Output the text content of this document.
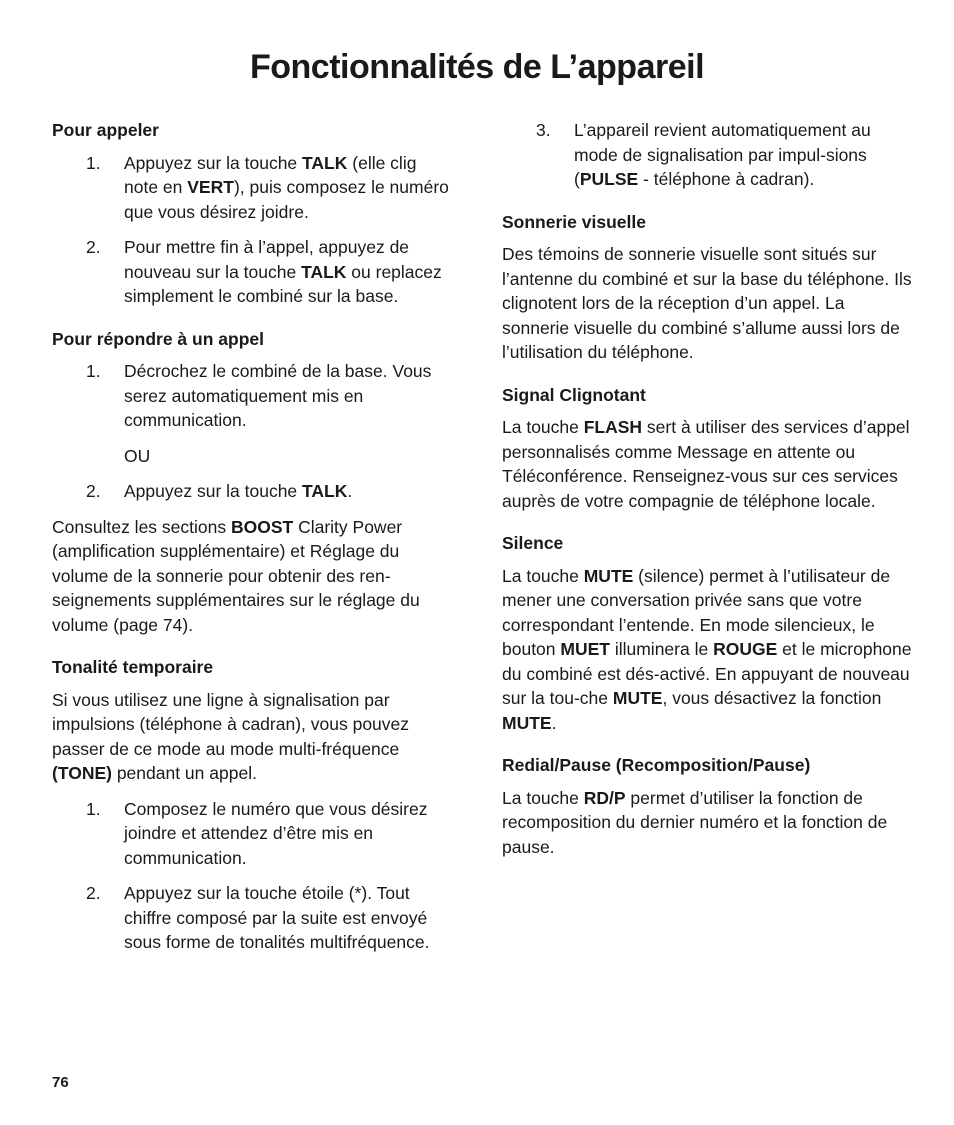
Fonctionnalités de L’appareil
Pour appeler
1.	Appuyez sur la touche TALK (elle clig note en VERT), puis composez le numéro que vous désirez joidre.
2.	Pour mettre fin à l’appel, appuyez de nouveau sur la touche TALK ou replacez simplement le combiné sur la base.
Pour répondre à un appel
1.	Décrochez le combiné de la base. Vous serez automatiquement mis en communication.
OU
2.	Appuyez sur la touche TALK.

Consultez les sections BOOST Clarity Power (amplification supplémentaire) et Réglage du volume de la sonnerie pour obtenir des ren-seignements supplémentaires sur le réglage du volume (page 74).

Tonalité temporaire

Si vous utilisez une ligne à signalisation par impulsions (téléphone à cadran), vous pouvez passer de ce mode au mode multi-fréquence (TONE) pendant un appel.

1.	Composez le numéro que vous désirez joindre et attendez d’être mis en communication.
2.	Appuyez sur la touche étoile (*). Tout chiffre composé par la suite est envoyé sous forme de tonalités multifréquence.
3.	L’appareil revient automatiquement au mode de signalisation par impul-sions (PULSE - téléphone à cadran).
Sonnerie visuelle

Des témoins de sonnerie visuelle sont situés sur l’antenne du combiné et sur la base du téléphone. Ils clignotent lors de la réception d’un appel. La sonnerie visuelle du combiné s’allume aussi lors de l’utilisation du téléphone.

Signal Clignotant

La touche FLASH sert à utiliser des services d’appel personnalisés comme Message en attente ou Téléconférence. Renseignez-vous sur ces services auprès de votre compagnie de téléphone locale.

Silence

La touche MUTE (silence) permet à l’utilisateur de mener une conversation privée sans que votre correspondant l’entende. En mode silencieux, le bouton MUET illuminera le ROUGE et le microphone du combiné est dés-activé. En appuyant de nouveau sur la tou-che MUTE, vous désactivez la fonction MUTE.

Redial/Pause (Recomposition/Pause)

La touche RD/P permet d’utiliser la fonction de recomposition du dernier numéro et la fonction de pause.

76
